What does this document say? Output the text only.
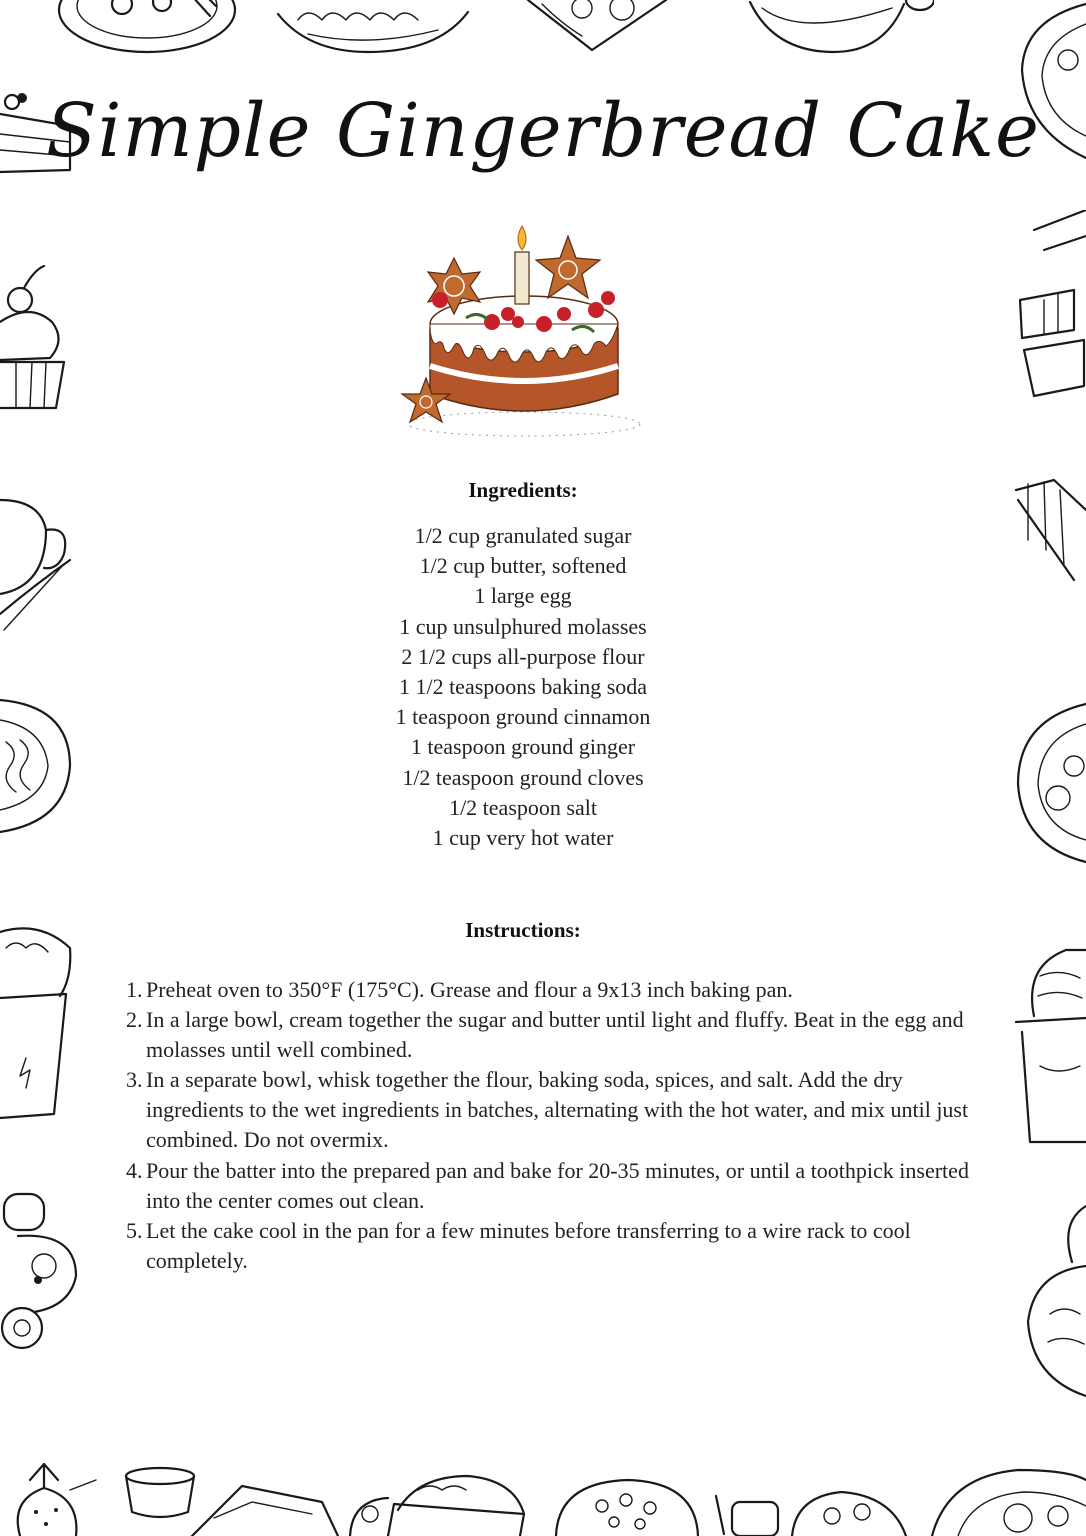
Simple Gingerbread Cake
Ingredients:
1/2 cup granulated sugar
1/2 cup butter, softened
1 large egg
1 cup unsulphured molasses
2 1/2 cups all-purpose flour
1 1/2 teaspoons baking soda
1 teaspoon ground cinnamon
1 teaspoon ground ginger
1/2 teaspoon ground cloves
1/2 teaspoon salt
1 cup very hot water
Instructions:
1. Preheat oven to 350°F (175°C). Grease and flour a 9x13 inch baking pan.
2. In a large bowl, cream together the sugar and butter until light and fluffy. Beat in the egg and molasses until well combined.
3. In a separate bowl, whisk together the flour, baking soda, spices, and salt. Add the dry ingredients to the wet ingredients in batches, alternating with the hot water, and mix until just combined. Do not overmix.
4. Pour the batter into the prepared pan and bake for 20-35 minutes, or until a toothpick inserted into the center comes out clean.
5. Let the cake cool in the pan for a few minutes before transferring to a wire rack to cool completely.
